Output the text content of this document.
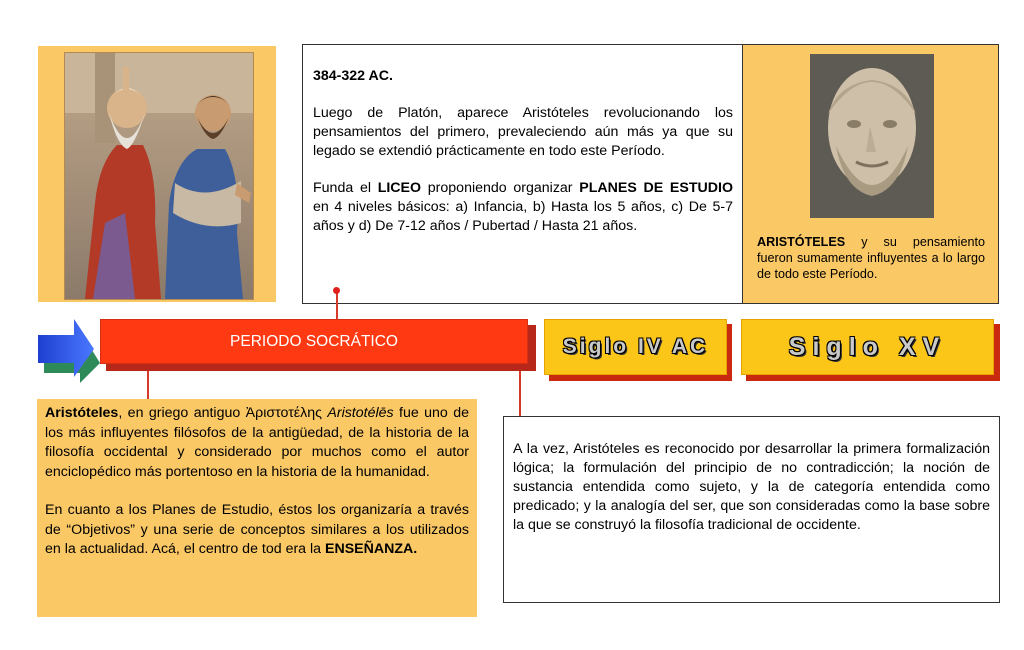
384-322 AC.

Luego de Platón, aparece Aristóteles revolucionando los pensamientos del primero, prevaleciendo aún más ya que su legado se extendió prácticamente en todo este Período.

Funda el LICEO proponiendo organizar PLANES DE ESTUDIO en 4 niveles básicos: a) Infancia, b) Hasta los 5 años, c) De 5-7 años y d) De 7-12 años / Pubertad / Hasta 21 años.

ARISTÓTELES y su pensamiento fueron sumamente influyentes a lo largo de todo este Período.
PERIODO SOCRÁTICO	Siglo IV AC	Siglo XV

Aristóteles, en griego antiguo Ἀριστοτέλης Aristotélēs fue uno de los más influyentes filósofos de la antigüedad, de la historia de la filosofía occidental y considerado por muchos como el autor enciclopédico más portentoso en la historia de la humanidad.

En cuanto a los Planes de Estudio, éstos los organizaría a través de “Objetivos” y una serie de conceptos similares a los utilizados en la actualidad. Acá, el centro de tod era la ENSEÑANZA.

A la vez, Aristóteles es reconocido por desarrollar la primera formalización lógica; la formulación del principio de no contradicción; la noción de sustancia entendida como sujeto, y la de categoría entendida como predicado; y la analogía del ser, que son consideradas como la base sobre la que se construyó la filosofía tradicional de occidente.
